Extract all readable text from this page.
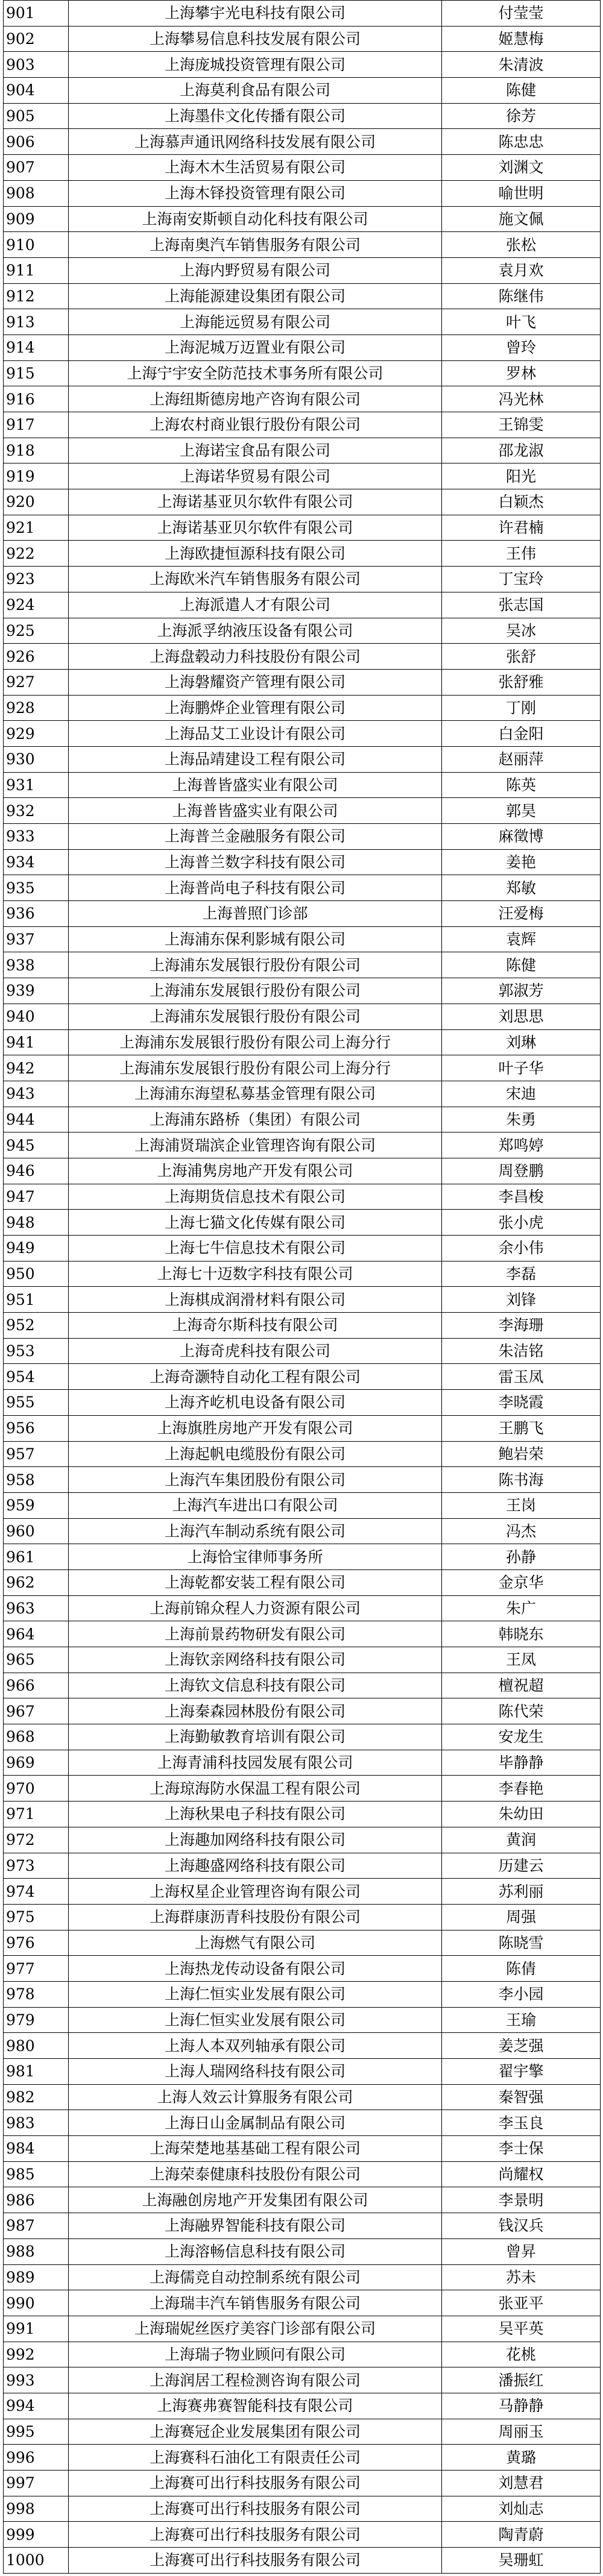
901	上海攀宇光电科技有限公司	付莹莹
902	上海攀易信息科技发展有限公司	姬慧梅
903	上海庞城投资管理有限公司	朱清波
904	上海莫利食品有限公司	陈健
905	上海墨佧文化传播有限公司	徐芳
906	上海慕声通讯网络科技发展有限公司	陈忠忠
907	上海木木生活贸易有限公司	刘渊文
908	上海木铎投资管理有限公司	喻世明
909	上海南安斯顿自动化科技有限公司	施文佩
910	上海南奥汽车销售服务有限公司	张松
911	上海内野贸易有限公司	袁月欢
912	上海能源建设集团有限公司	陈继伟
913	上海能远贸易有限公司	叶飞
914	上海泥城万迈置业有限公司	曾玲
915	上海宁宇安全防范技术事务所有限公司	罗林
916	上海纽斯德房地产咨询有限公司	冯光林
917	上海农村商业银行股份有限公司	王锦雯
918	上海诺宝食品有限公司	邵龙淑
919	上海诺华贸易有限公司	阳光
920	上海诺基亚贝尔软件有限公司	白颖杰
921	上海诺基亚贝尔软件有限公司	许君楠
922	上海欧捷恒源科技有限公司	王伟
923	上海欧米汽车销售服务有限公司	丁宝玲
924	上海派遣人才有限公司	张志国
925	上海派孚纳液压设备有限公司	吴冰
926	上海盘毂动力科技股份有限公司	张舒
927	上海磐耀资产管理有限公司	张舒雅
928	上海鹏烨企业管理有限公司	丁刚
929	上海品艾工业设计有限公司	白金阳
930	上海品靖建设工程有限公司	赵丽萍
931	上海普皆盛实业有限公司	陈英
932	上海普皆盛实业有限公司	郭昊
933	上海普兰金融服务有限公司	麻徵博
934	上海普兰数字科技有限公司	姜艳
935	上海普尚电子科技有限公司	郑敏
936	上海普照门诊部	汪爱梅
937	上海浦东保利影城有限公司	袁辉
938	上海浦东发展银行股份有限公司	陈健
939	上海浦东发展银行股份有限公司	郭淑芳
940	上海浦东发展银行股份有限公司	刘思思
941	上海浦东发展银行股份有限公司上海分行	刘琳
942	上海浦东发展银行股份有限公司上海分行	叶子华
943	上海浦东海望私募基金管理有限公司	宋迪
944	上海浦东路桥（集团）有限公司	朱勇
945	上海浦贤瑞滨企业管理咨询有限公司	郑鸣婷
946	上海浦隽房地产开发有限公司	周登鹏
947	上海期货信息技术有限公司	李昌梭
948	上海七猫文化传媒有限公司	张小虎
949	上海七牛信息技术有限公司	余小伟
950	上海七十迈数字科技有限公司	李磊
951	上海棋成润滑材料有限公司	刘锋
952	上海奇尔斯科技有限公司	李海珊
953	上海奇虎科技有限公司	朱洁铭
954	上海奇灏特自动化工程有限公司	雷玉凤
955	上海齐屹机电设备有限公司	李晓霞
956	上海旗胜房地产开发有限公司	王鹏飞
957	上海起帆电缆股份有限公司	鲍岩荣
958	上海汽车集团股份有限公司	陈书海
959	上海汽车进出口有限公司	王岗
960	上海汽车制动系统有限公司	冯杰
961	上海恰宝律师事务所	孙静
962	上海乾都安装工程有限公司	金京华
963	上海前锦众程人力资源有限公司	朱广
964	上海前景药物研发有限公司	韩晓东
965	上海钦亲网络科技有限公司	王凤
966	上海钦文信息科技有限公司	檀祝超
967	上海秦森园林股份有限公司	陈代荣
968	上海勤敏教育培训有限公司	安龙生
969	上海青浦科技园发展有限公司	毕静静
970	上海琼海防水保温工程有限公司	李春艳
971	上海秋果电子科技有限公司	朱幼田
972	上海趣加网络科技有限公司	黄润
973	上海趣盛网络科技有限公司	历建云
974	上海权星企业管理咨询有限公司	苏利丽
975	上海群康沥青科技股份有限公司	周强
976	上海燃气有限公司	陈晓雪
977	上海热龙传动设备有限公司	陈倩
978	上海仁恒实业发展有限公司	李小园
979	上海仁恒实业发展有限公司	王瑜
980	上海人本双列轴承有限公司	姜芝强
981	上海人瑞网络科技有限公司	翟宇擎
982	上海人效云计算服务有限公司	秦智强
983	上海日山金属制品有限公司	李玉良
984	上海荣楚地基基础工程有限公司	李士保
985	上海荣泰健康科技股份有限公司	尚耀权
986	上海融创房地产开发集团有限公司	李景明
987	上海融界智能科技有限公司	钱汉兵
988	上海溶畅信息科技有限公司	曾昇
989	上海儒竞自动控制系统有限公司	苏未
990	上海瑞丰汽车销售服务有限公司	张亚平
991	上海瑞妮丝医疗美容门诊部有限公司	吴平英
992	上海瑞子物业顾问有限公司	花桃
993	上海润居工程检测咨询有限公司	潘振红
994	上海赛弗赛智能科技有限公司	马静静
995	上海赛冠企业发展集团有限公司	周丽玉
996	上海赛科石油化工有限责任公司	黄璐
997	上海赛可出行科技服务有限公司	刘慧君
998	上海赛可出行科技服务有限公司	刘灿志
999	上海赛可出行科技服务有限公司	陶青蔚
1000	上海赛可出行科技服务有限公司	吴珊虹
